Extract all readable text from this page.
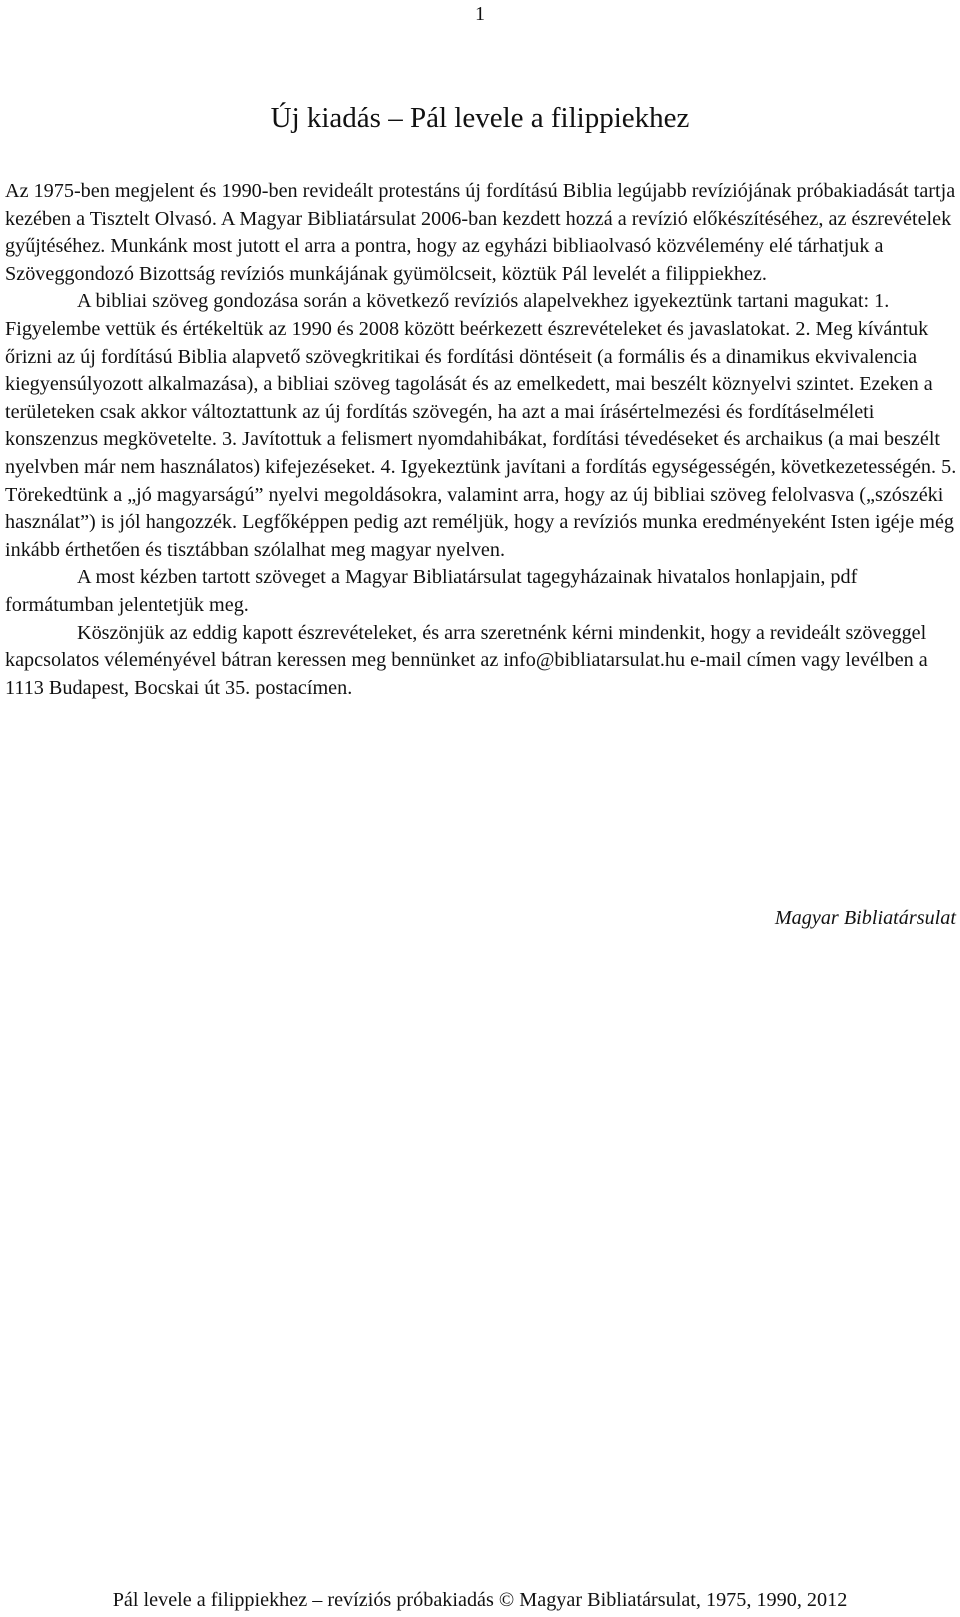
1
Új kiadás – Pál levele a filippiekhez

Az 1975-ben megjelent és 1990-ben revideált protestáns új fordítású Biblia legújabb revíziójának próbakiadását tartja kezében a Tisztelt Olvasó. A Magyar Bibliatársulat 2006-ban kezdett hozzá a revízió előkészítéséhez, az észrevételek gyűjtéséhez. Munkánk most jutott el arra a pontra, hogy az egyházi bibliaolvasó közvélemény elé tárhatjuk a Szöveggondozó Bizottság revíziós munkájának gyümölcseit, köztük Pál levelét a filippiekhez.

A bibliai szöveg gondozása során a következő revíziós alapelvekhez igyekeztünk tartani magukat: 1. Figyelembe vettük és értékeltük az 1990 és 2008 között beérkezett észrevételeket és javaslatokat. 2. Meg kívántuk őrizni az új fordítású Biblia alapvető szövegkritikai és fordítási döntéseit (a formális és a dinamikus ekvivalencia kiegyensúlyozott alkalmazása), a bibliai szöveg tagolását és az emelkedett, mai beszélt köznyelvi szintet. Ezeken a területeken csak akkor változtattunk az új fordítás szövegén, ha azt a mai írásértelmezési és fordításelméleti konszenzus megkövetelte. 3. Javítottuk a felismert nyomdahibákat, fordítási tévedéseket és archaikus (a mai beszélt nyelvben már nem használatos) kifejezéseket. 4. Igyekeztünk javítani a fordítás egységességén, következetességén. 5. Törekedtünk a „jó magyarságú” nyelvi megoldásokra, valamint arra, hogy az új bibliai szöveg felolvasva („szószéki használat”) is jól hangozzék. Legfőképpen pedig azt reméljük, hogy a revíziós munka eredményeként Isten igéje még inkább érthetően és tisztábban szólalhat meg magyar nyelven.

A most kézben tartott szöveget a Magyar Bibliatársulat tagegyházainak hivatalos honlapjain, pdf formátumban jelentetjük meg.

Köszönjük az eddig kapott észrevételeket, és arra szeretnénk kérni mindenkit, hogy a revideált szöveggel kapcsolatos véleményével bátran keressen meg bennünket az info@bibliatarsulat.hu e-mail címen vagy levélben a 1113 Budapest, Bocskai út 35. postacímen.

Magyar Bibliatársulat
Pál levele a filippiekhez – revíziós próbakiadás © Magyar Bibliatársulat, 1975, 1990, 2012
